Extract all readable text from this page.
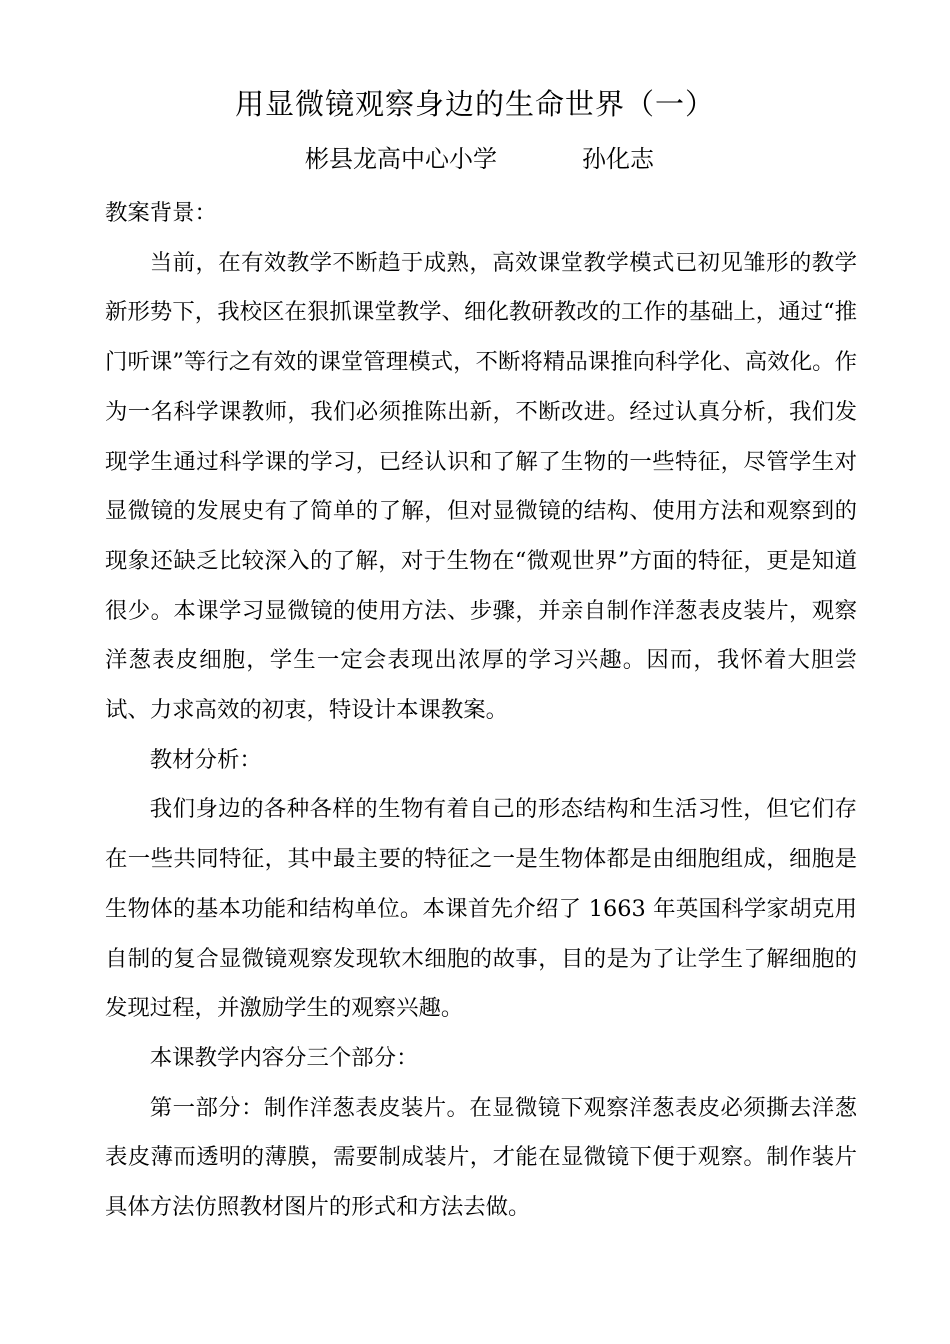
用显微镜观察身边的生命世界（一）
彬县龙高中心小学	孙化志

教案背景：

当前，在有效教学不断趋于成熟，高效课堂教学模式已初见雏形的教学新形势下，我校区在狠抓课堂教学、细化教研教改的工作的基础上，通过“推门听课”等行之有效的课堂管理模式，不断将精品课推向科学化、高效化。作为一名科学课教师，我们必须推陈出新，不断改进。经过认真分析，我们发现学生通过科学课的学习，已经认识和了解了生物的一些特征，尽管学生对显微镜的发展史有了简单的了解，但对显微镜的结构、使用方法和观察到的现象还缺乏比较深入的了解，对于生物在“微观世界”方面的特征，更是知道很少。本课学习显微镜的使用方法、步骤，并亲自制作洋葱表皮装片，观察洋葱表皮细胞，学生一定会表现出浓厚的学习兴趣。因而，我怀着大胆尝试、力求高效的初衷，特设计本课教案。

教材分析：

我们身边的各种各样的生物有着自己的形态结构和生活习性，但它们存在一些共同特征，其中最主要的特征之一是生物体都是由细胞组成，细胞是生物体的基本功能和结构单位。本课首先介绍了 1663 年英国科学家胡克用自制的复合显微镜观察发现软木细胞的故事，目的是为了让学生了解细胞的发现过程，并激励学生的观察兴趣。

本课教学内容分三个部分：

第一部分：制作洋葱表皮装片。在显微镜下观察洋葱表皮必须撕去洋葱表皮薄而透明的薄膜，需要制成装片，才能在显微镜下便于观察。制作装片具体方法仿照教材图片的形式和方法去做。
